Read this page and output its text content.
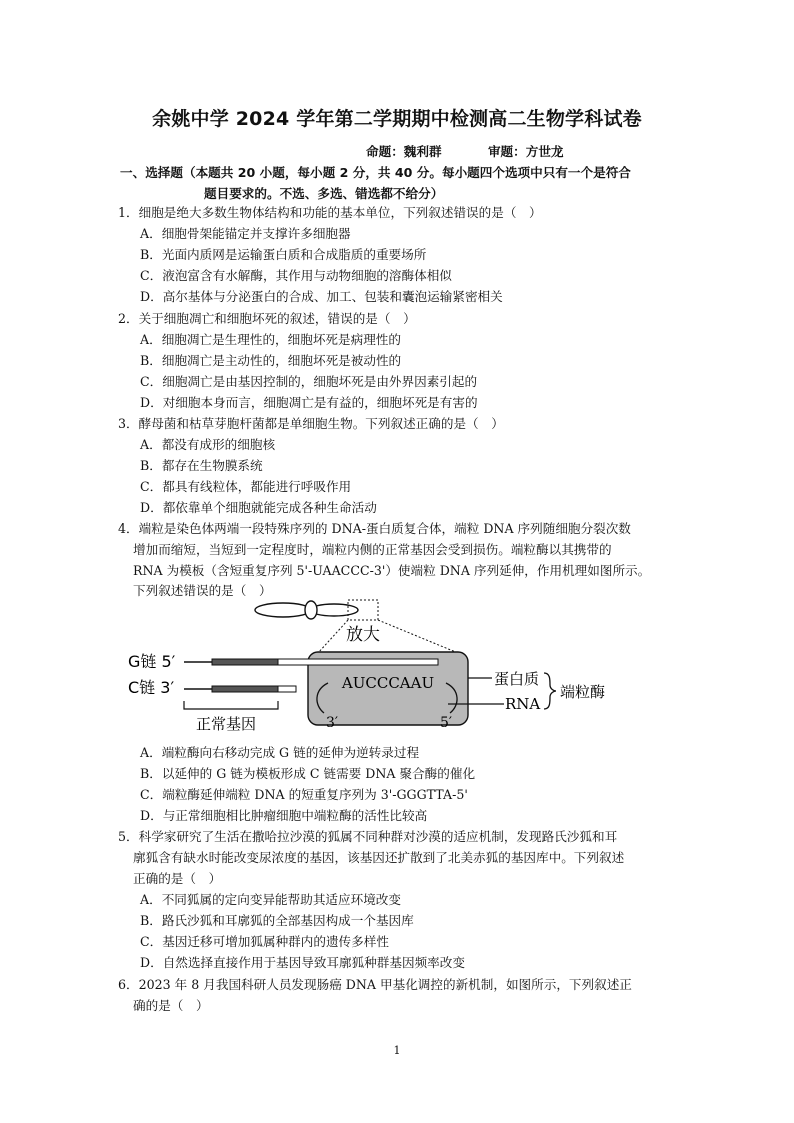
余姚中学 2024 学年第二学期期中检测高二生物学科试卷
命题：魏利群	审题：方世龙
一、选择题（本题共 20 小题，每小题 2 分，共 40 分。每小题四个选项中只有一个是符合
题目要求的。不选、多选、错选都不给分）
1．细胞是绝大多数生物体结构和功能的基本单位，下列叙述错误的是（　）
A．细胞骨架能锚定并支撑许多细胞器
B．光面内质网是运输蛋白质和合成脂质的重要场所
C．液泡富含有水解酶，其作用与动物细胞的溶酶体相似
D．高尔基体与分泌蛋白的合成、加工、包装和囊泡运输紧密相关
2．关于细胞凋亡和细胞坏死的叙述，错误的是（　）
A．细胞凋亡是生理性的，细胞坏死是病理性的
B．细胞凋亡是主动性的，细胞坏死是被动性的
C．细胞凋亡是由基因控制的，细胞坏死是由外界因素引起的
D．对细胞本身而言，细胞凋亡是有益的，细胞坏死是有害的
3．酵母菌和枯草芽胞杆菌都是单细胞生物。下列叙述正确的是（　）
A．都没有成形的细胞核
B．都存在生物膜系统
C．都具有线粒体，都能进行呼吸作用
D．都依靠单个细胞就能完成各种生命活动
4．端粒是染色体两端一段特殊序列的 DNA-蛋白质复合体，端粒 DNA 序列随细胞分裂次数
增加而缩短，当短到一定程度时，端粒内侧的正常基因会受到损伤。端粒酶以其携带的
RNA 为模板（含短重复序列 5'-UAACCC-3'）使端粒 DNA 序列延伸，作用机理如图所示。
下列叙述错误的是（　）
放大
G链 5′
C链 3′
正常基因
AUCCCAAU
3′	5′
蛋白质
RNA
端粒酶
A．端粒酶向右移动完成 G 链的延伸为逆转录过程
B．以延伸的 G 链为模板形成 C 链需要 DNA 聚合酶的催化
C．端粒酶延伸端粒 DNA 的短重复序列为 3'-GGGTTA-5'
D．与正常细胞相比肿瘤细胞中端粒酶的活性比较高
5．科学家研究了生活在撒哈拉沙漠的狐属不同种群对沙漠的适应机制，发现路氏沙狐和耳
廓狐含有缺水时能改变尿浓度的基因，该基因还扩散到了北美赤狐的基因库中。下列叙述
正确的是（　）
A．不同狐属的定向变异能帮助其适应环境改变
B．路氏沙狐和耳廓狐的全部基因构成一个基因库
C．基因迁移可增加狐属种群内的遗传多样性
D．自然选择直接作用于基因导致耳廓狐种群基因频率改变
6．2023 年 8 月我国科研人员发现肠癌 DNA 甲基化调控的新机制，如图所示，下列叙述正
确的是（　）
1
